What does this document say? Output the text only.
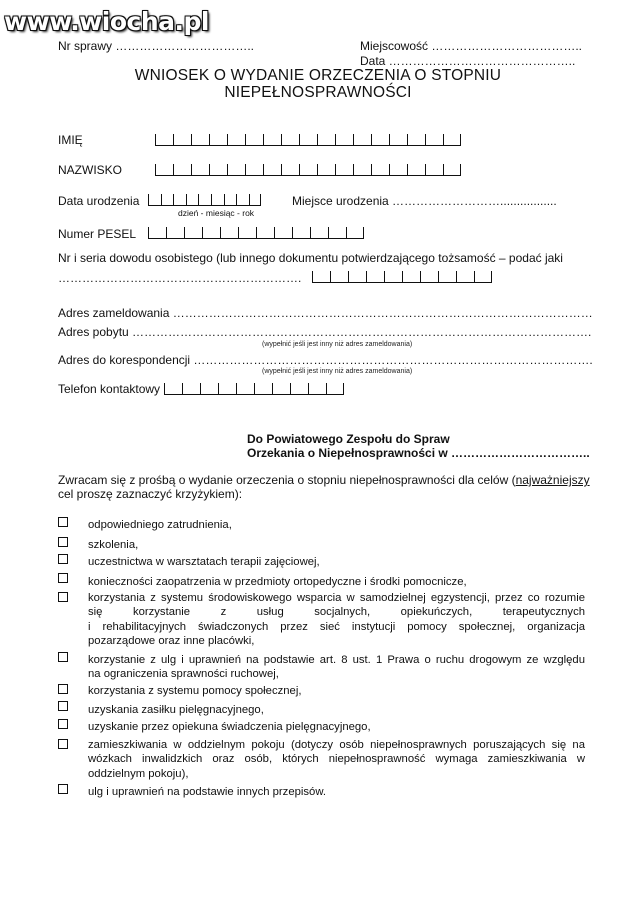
www.wiocha.pl
Nr sprawy ……………………………..	Miejscowość ………………………………..
Data ………………………………………..
WNIOSEK O WYDANIE ORZECZENIA O STOPNIU
NIEPEŁNOSPRAWNOŚCI
IMIĘ
NAZWISKO
Data urodzenia
dzień - miesiąc - rok
Miejsce urodzenia ……………………….................
Numer PESEL
Nr i seria dowodu osobistego (lub innego dokumentu potwierdzającego tożsamość – podać jaki
…………………………………………………….
Adres zameldowania ……………………………………………………………………………………………
Adres pobytu …………………………………………………………………………………………………….
(wypełnić jeśli jest inny niż adres zameldowania)
Adres do korespondencji ……………………………………………………………………………………….
(wypełnić jeśli jest inny niż adres zameldowania)
Telefon kontaktowy
Do Powiatowego Zespołu do Spraw
Orzekania o Niepełnosprawności w ……………………………..
Zwracam się z prośbą o wydanie orzeczenia o stopniu niepełnosprawności dla celów (najważniejszy
cel proszę zaznaczyć krzyżykiem):
odpowiedniego zatrudnienia,
szkolenia,
uczestnictwa w warsztatach terapii zajęciowej,
konieczności zaopatrzenia w przedmioty ortopedyczne i środki pomocnicze,
korzystania z systemu środowiskowego wsparcia w samodzielnej egzystencji, przez co rozumie
się korzystanie z usług socjalnych, opiekuńczych, terapeutycznych
i rehabilitacyjnych świadczonych przez sieć instytucji pomocy społecznej, organizacja
pozarządowe oraz inne placówki,
korzystanie z ulg i uprawnień na podstawie art. 8 ust. 1 Prawa o ruchu drogowym ze względu
na ograniczenia sprawności ruchowej,
korzystania z systemu pomocy społecznej,
uzyskania zasiłku pielęgnacyjnego,
uzyskanie przez opiekuna świadczenia pielęgnacyjnego,
zamieszkiwania w oddzielnym pokoju (dotyczy osób niepełnosprawnych poruszających się na
wózkach inwalidzkich oraz osób, których niepełnosprawność wymaga zamieszkiwania w
oddzielnym pokoju),
ulg i uprawnień na podstawie innych przepisów.
